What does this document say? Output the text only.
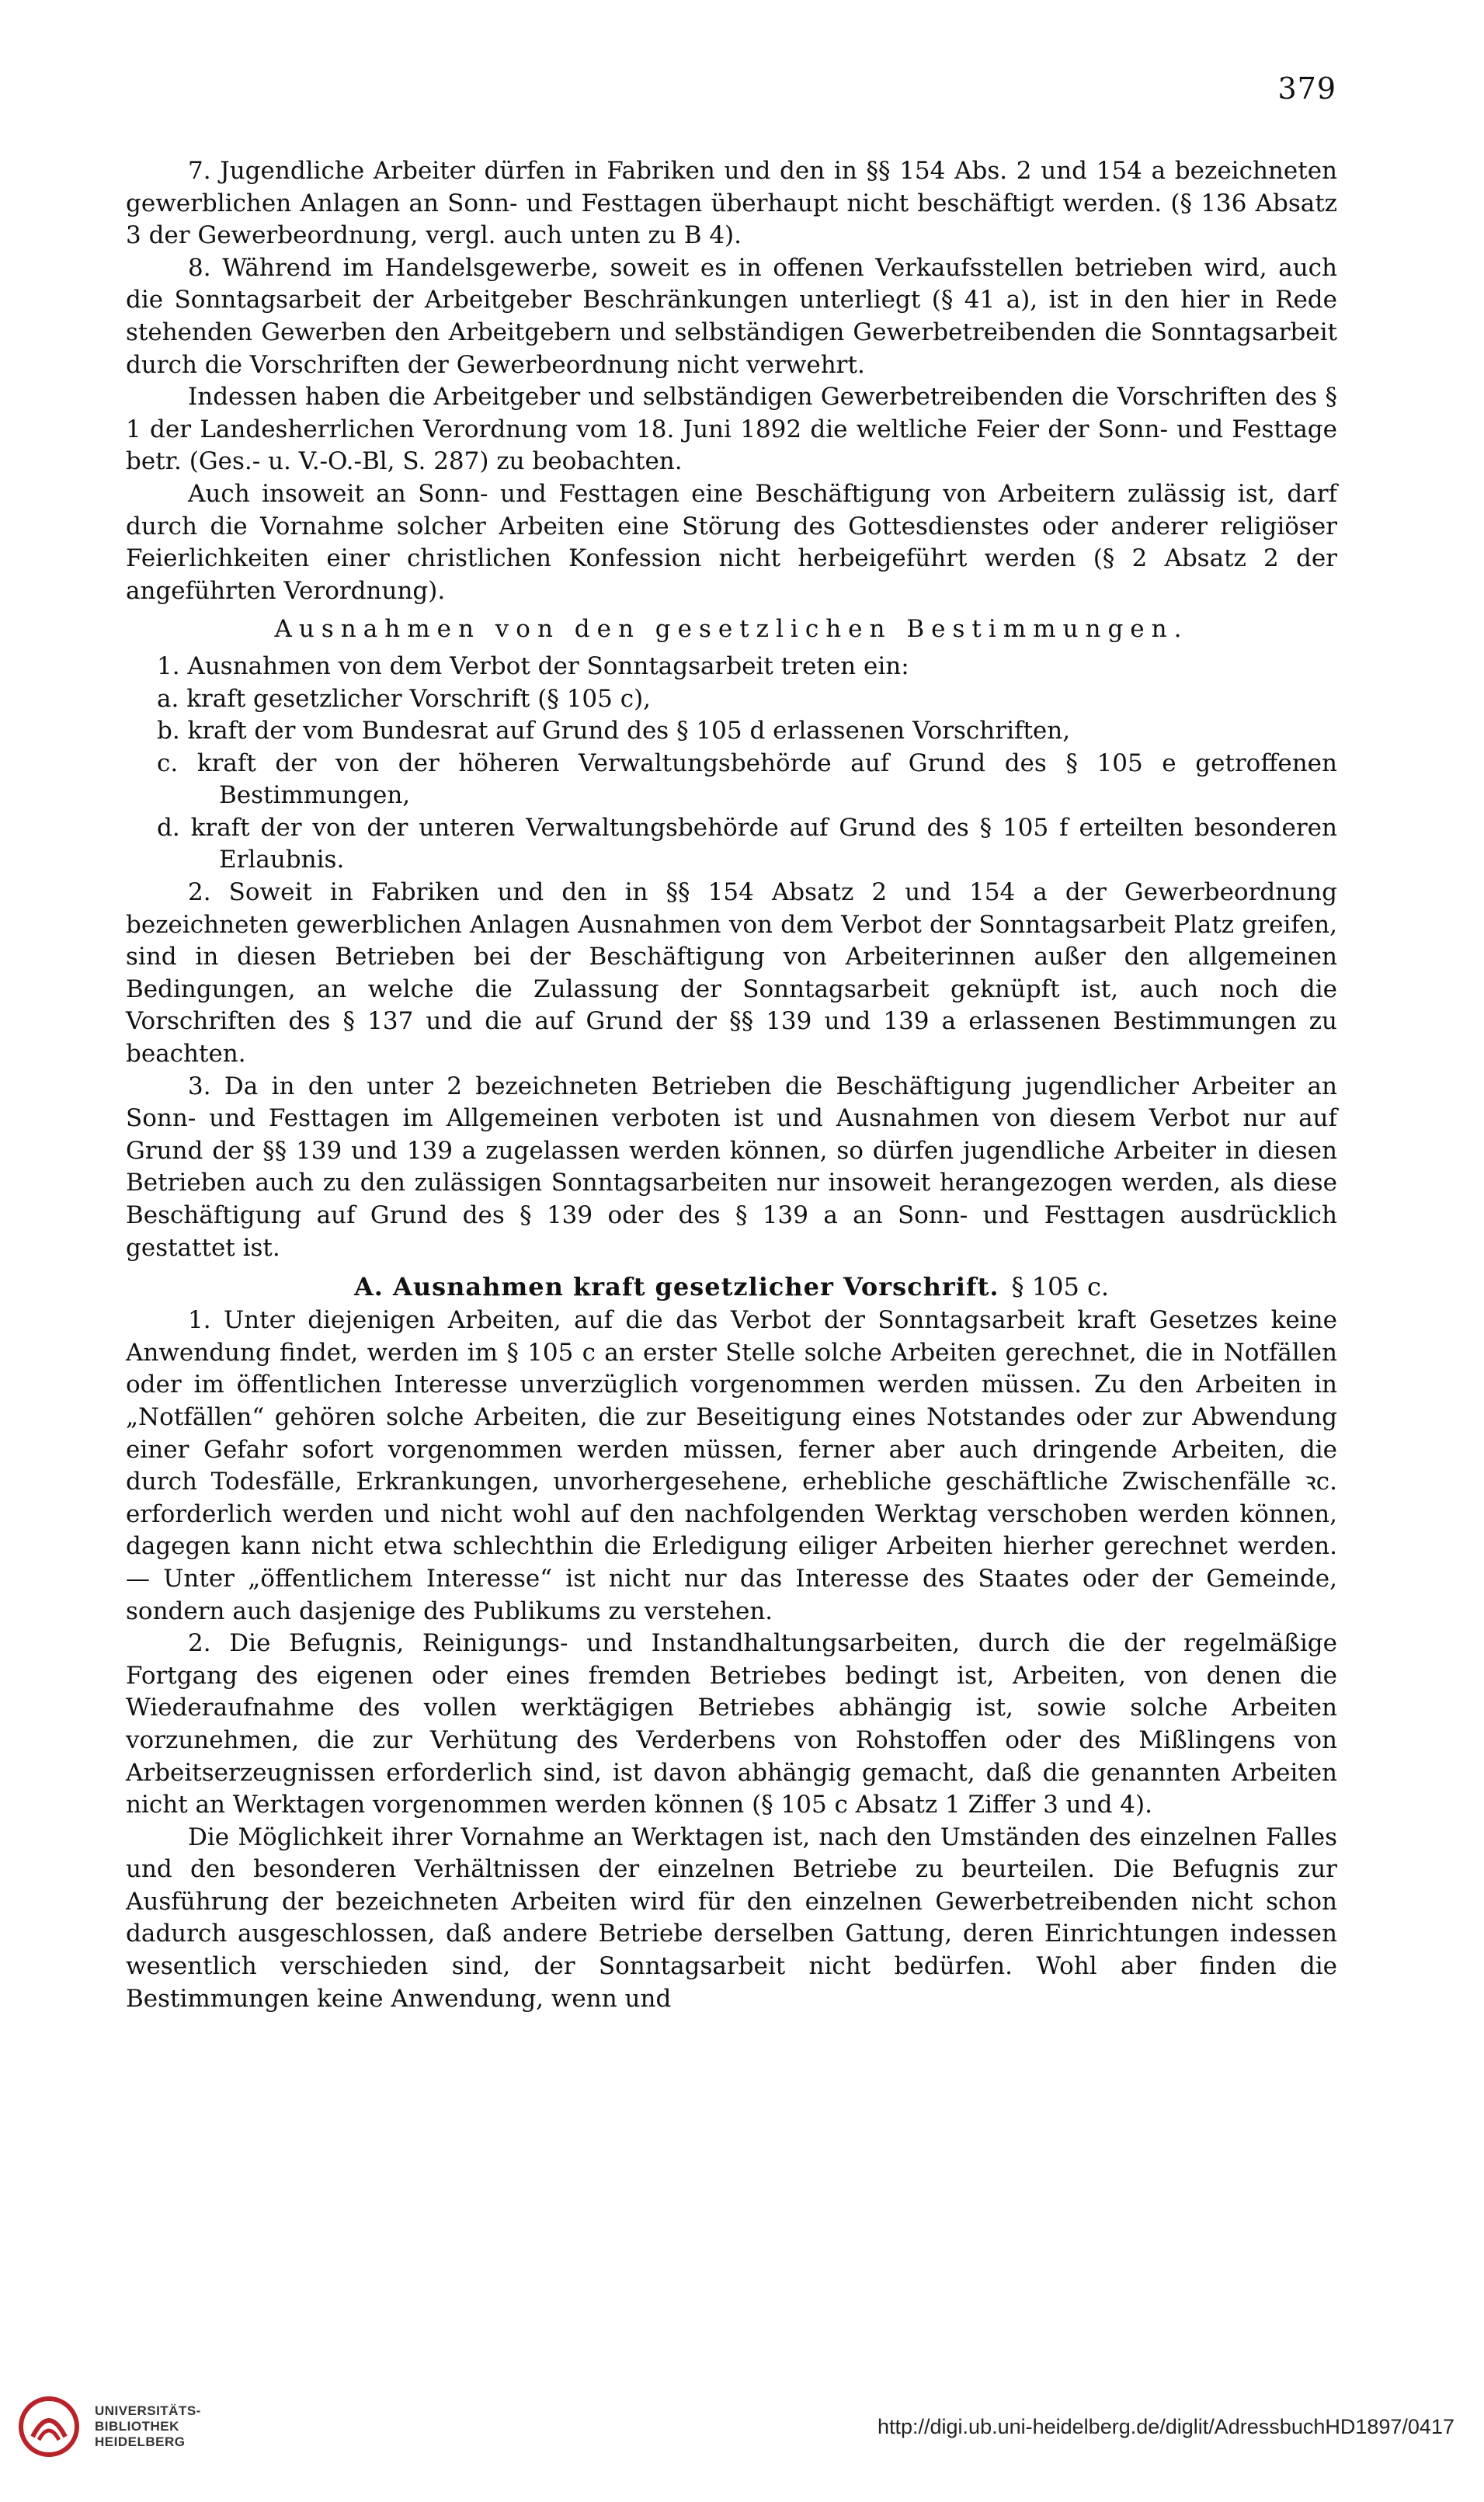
379

7. Jugendliche Arbeiter dürfen in Fabriken und den in §§ 154 Abs. 2 und 154 a bezeichneten gewerblichen Anlagen an Sonn- und Festtagen überhaupt nicht beschäftigt werden. (§ 136 Absatz 3 der Gewerbeordnung, vergl. auch unten zu B 4).

8. Während im Handelsgewerbe, soweit es in offenen Verkaufsstellen betrieben wird, auch die Sonntagsarbeit der Arbeitgeber Beschränkungen unterliegt (§ 41 a), ist in den hier in Rede stehenden Gewerben den Arbeitgebern und selbständigen Gewerbetreibenden die Sonntagsarbeit durch die Vorschriften der Gewerbeordnung nicht verwehrt.

Indessen haben die Arbeitgeber und selbständigen Gewerbetreibenden die Vorschriften des § 1 der Landesherrlichen Verordnung vom 18. Juni 1892 die weltliche Feier der Sonn- und Festtage betr. (Ges.- u. V.-O.-Bl, S. 287) zu beobachten.

Auch insoweit an Sonn- und Festtagen eine Beschäftigung von Arbeitern zulässig ist, darf durch die Vornahme solcher Arbeiten eine Störung des Gottesdienstes oder anderer religiöser Feierlichkeiten einer christlichen Konfession nicht herbeigeführt werden (§ 2 Absatz 2 der angeführten Verordnung).

Ausnahmen von den gesetzlichen Bestimmungen.

1. Ausnahmen von dem Verbot der Sonntagsarbeit treten ein:

a. kraft gesetzlicher Vorschrift (§ 105 c),

b. kraft der vom Bundesrat auf Grund des § 105 d erlassenen Vorschriften,

c. kraft der von der höheren Verwaltungsbehörde auf Grund des § 105 e getroffenen Bestimmungen,

d. kraft der von der unteren Verwaltungsbehörde auf Grund des § 105 f erteilten besonderen Erlaubnis.

2. Soweit in Fabriken und den in §§ 154 Absatz 2 und 154 a der Gewerbeordnung bezeichneten gewerblichen Anlagen Ausnahmen von dem Verbot der Sonntagsarbeit Platz greifen, sind in diesen Betrieben bei der Beschäftigung von Arbeiterinnen außer den allgemeinen Bedingungen, an welche die Zulassung der Sonntagsarbeit geknüpft ist, auch noch die Vorschriften des § 137 und die auf Grund der §§ 139 und 139 a erlassenen Bestimmungen zu beachten.

3. Da in den unter 2 bezeichneten Betrieben die Beschäftigung jugendlicher Arbeiter an Sonn- und Festtagen im Allgemeinen verboten ist und Ausnahmen von diesem Verbot nur auf Grund der §§ 139 und 139 a zugelassen werden können, so dürfen jugendliche Arbeiter in diesen Betrieben auch zu den zulässigen Sonntagsarbeiten nur insoweit herangezogen werden, als diese Beschäftigung auf Grund des § 139 oder des § 139 a an Sonn- und Festtagen ausdrücklich gestattet ist.

A. Ausnahmen kraft gesetzlicher Vorschrift. § 105 c.

1. Unter diejenigen Arbeiten, auf die das Verbot der Sonntagsarbeit kraft Gesetzes keine Anwendung findet, werden im § 105 c an erster Stelle solche Arbeiten gerechnet, die in Notfällen oder im öffentlichen Interesse unverzüglich vorgenommen werden müssen. Zu den Arbeiten in „Notfällen“ gehören solche Arbeiten, die zur Beseitigung eines Notstandes oder zur Abwendung einer Gefahr sofort vorgenommen werden müssen, ferner aber auch dringende Arbeiten, die durch Todesfälle, Erkrankungen, unvorhergesehene, erhebliche geschäftliche Zwischenfälle ꝛc. erforderlich werden und nicht wohl auf den nachfolgenden Werktag verschoben werden können, dagegen kann nicht etwa schlechthin die Erledigung eiliger Arbeiten hierher gerechnet werden. — Unter „öffentlichem Interesse“ ist nicht nur das Interesse des Staates oder der Gemeinde, sondern auch dasjenige des Publikums zu verstehen.

2. Die Befugnis, Reinigungs- und Instandhaltungsarbeiten, durch die der regelmäßige Fortgang des eigenen oder eines fremden Betriebes bedingt ist, Arbeiten, von denen die Wiederaufnahme des vollen werktägigen Betriebes abhängig ist, sowie solche Arbeiten vorzunehmen, die zur Verhütung des Verderbens von Rohstoffen oder des Mißlingens von Arbeitserzeugnissen erforderlich sind, ist davon abhängig gemacht, daß die genannten Arbeiten nicht an Werktagen vorgenommen werden können (§ 105 c Absatz 1 Ziffer 3 und 4).

Die Möglichkeit ihrer Vornahme an Werktagen ist, nach den Umständen des einzelnen Falles und den besonderen Verhältnissen der einzelnen Betriebe zu beurteilen. Die Befugnis zur Ausführung der bezeichneten Arbeiten wird für den einzelnen Gewerbetreibenden nicht schon dadurch ausgeschlossen, daß andere Betriebe derselben Gattung, deren Einrichtungen indessen wesentlich verschieden sind, der Sonntagsarbeit nicht bedürfen. Wohl aber finden die Bestimmungen keine Anwendung, wenn und

UNIVERSITÄTS-
BIBLIOTHEK
HEIDELBERG
http://digi.ub.uni-heidelberg.de/diglit/AdressbuchHD1897/0417
